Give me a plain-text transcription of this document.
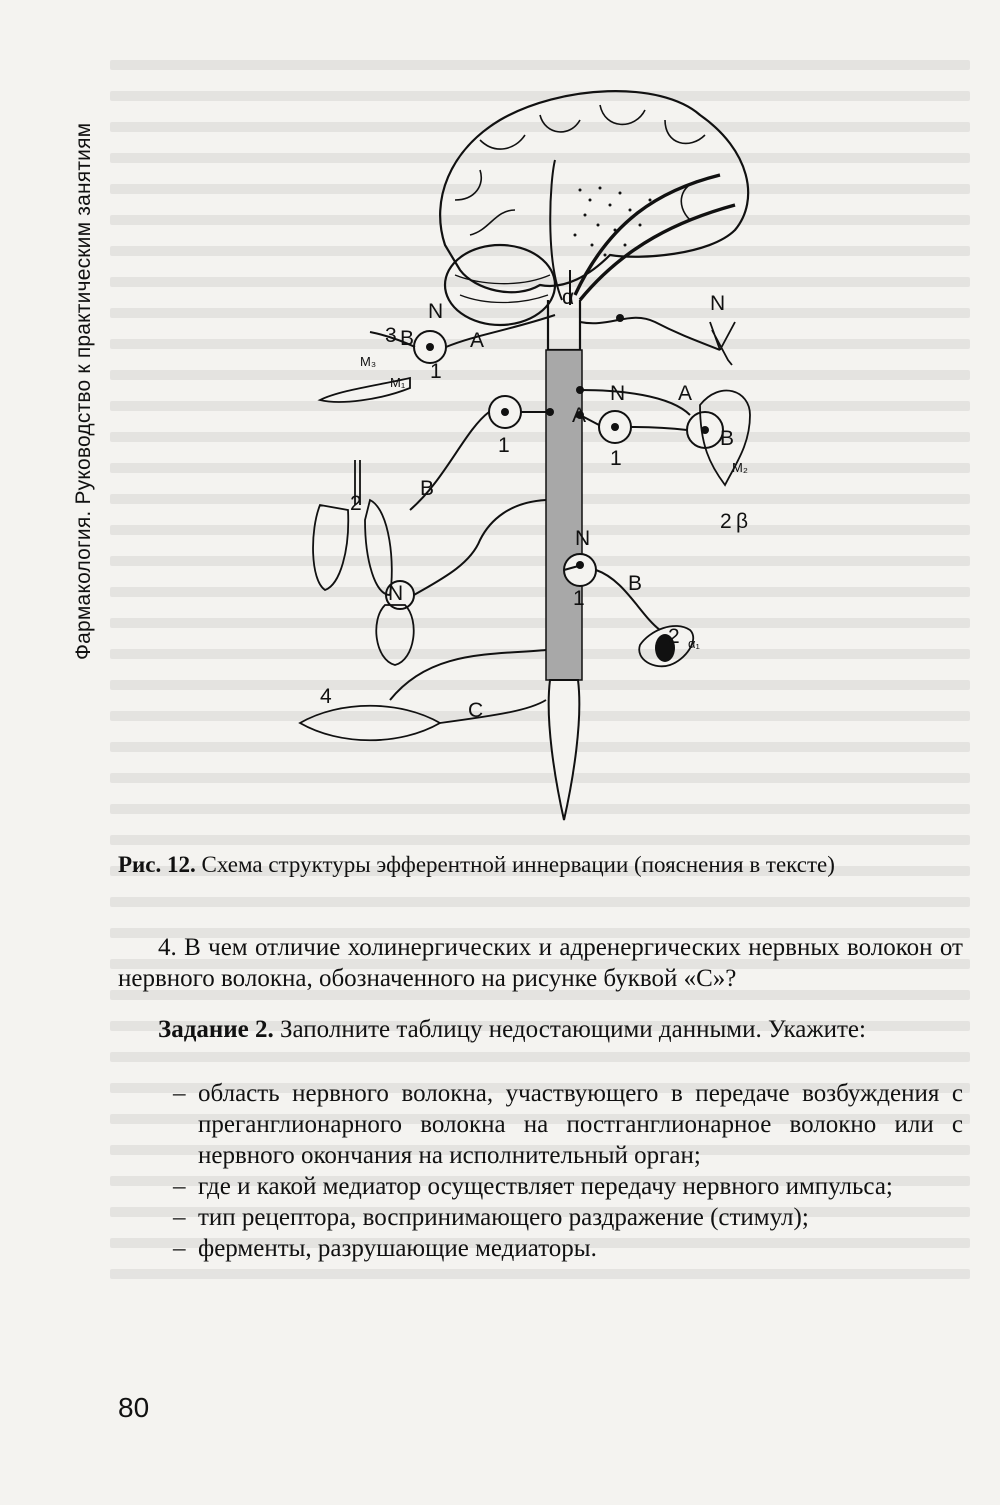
Фармакология. Руководство к практическим занятиям	α
N
3 B
M₃
M₁ 1
A
N
A
N
1
1
A
B
M₂
2
B
2 β
N
N
1
B
2 α₁
4
C
Рис. 12. Схема структуры эфферентной иннервации (пояснения в тексте)
4. В чем отличие холинергических и адренергических нервных волокон от нервного волокна, обозначенного на рисунке буквой «С»?
Задание 2. Заполните таблицу недостающими данными. Укажите:
– область нервного волокна, участвующего в передаче возбуждения с преганглионарного волокна на постганглионарное волокно или с нервного окончания на исполнительный орган;
– где и какой медиатор осуществляет передачу нервного импульса;
– тип рецептора, воспринимающего раздражение (стимул);
– ферменты, разрушающие медиаторы.
80
